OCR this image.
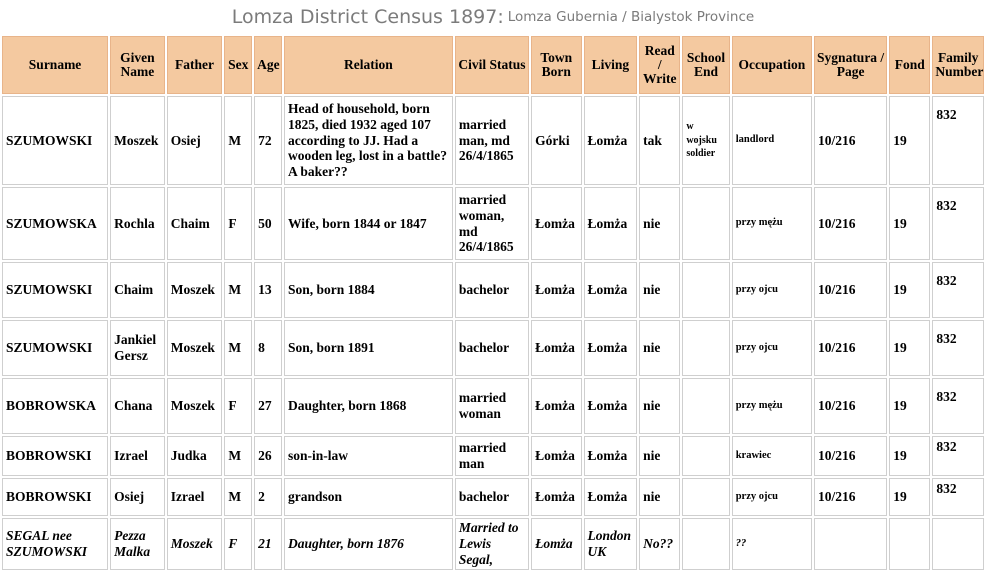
Lomza District Census 1897: Lomza Gubernia / Bialystok Province
Surname	Given Name	Father	Sex	Age	Relation	Civil Status	Town Born	Living	Read / Write	School End	Occupation	Sygnatura / Page	Fond	Family Number
SZUMOWSKI	Moszek	Osiej	M	72	Head of household, born 1825, died 1932 aged 107 according to JJ. Had a wooden leg, lost in a battle? A baker??	married man, md 26/4/1865	Górki	Łomża	tak	w wojsku soldier	landlord	10/216	19	832
SZUMOWSKA	Rochla	Chaim	F	50	Wife, born 1844 or 1847	married woman, md 26/4/1865	Łomża	Łomża	nie		przy mężu	10/216	19	832
SZUMOWSKI	Chaim	Moszek	M	13	Son, born 1884	bachelor	Łomża	Łomża	nie		przy ojcu	10/216	19	832
SZUMOWSKI	Jankiel Gersz	Moszek	M	8	Son, born 1891	bachelor	Łomża	Łomża	nie		przy ojcu	10/216	19	832
BOBROWSKA	Chana	Moszek	F	27	Daughter, born 1868	married woman	Łomża	Łomża	nie		przy mężu	10/216	19	832
BOBROWSKI	Izrael	Judka	M	26	son-in-law	married man	Łomża	Łomża	nie		krawiec	10/216	19	832
BOBROWSKI	Osiej	Izrael	M	2	grandson	bachelor	Łomża	Łomża	nie		przy ojcu	10/216	19	832
SEGAL nee SZUMOWSKI	Pezza Malka	Moszek	F	21	Daughter, born 1876	Married to Lewis Segal,	Łomża	London UK	No??		??			
